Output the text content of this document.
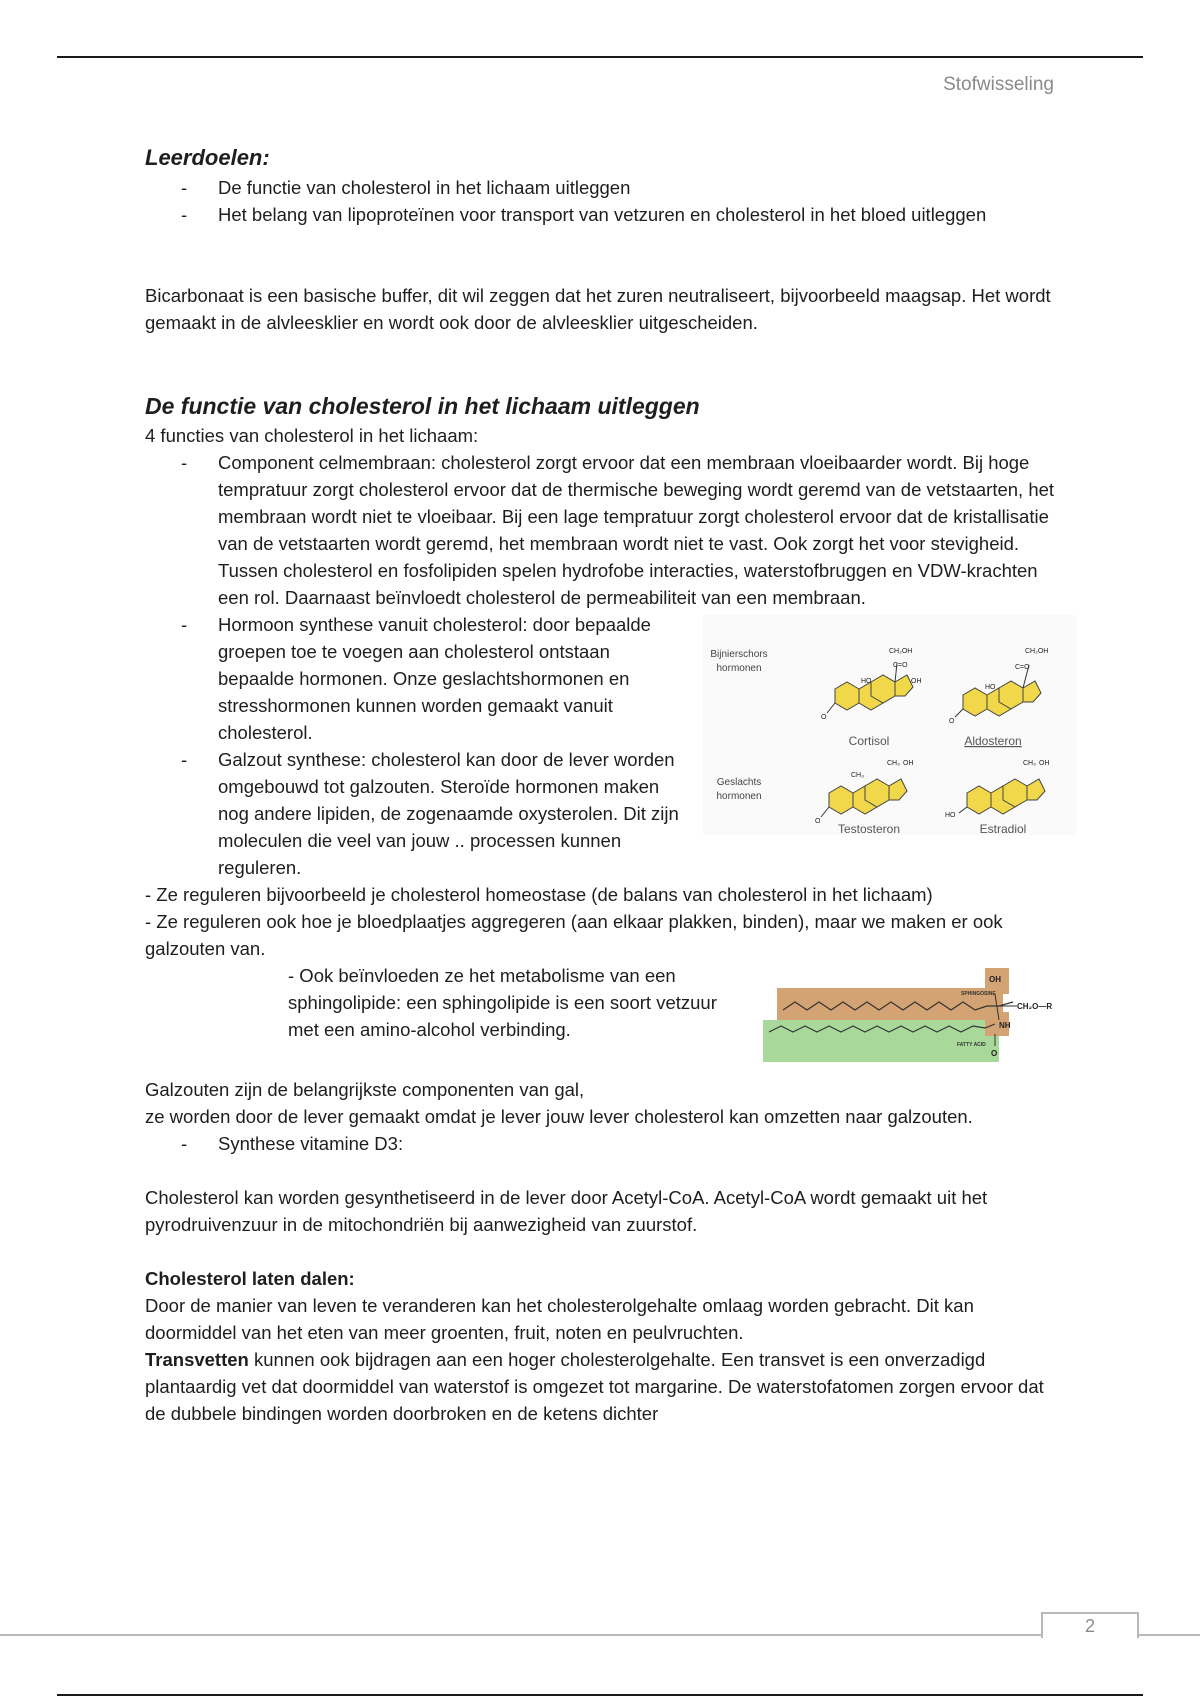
Stofwisseling
Leerdoelen:
- De functie van cholesterol in het lichaam uitleggen
- Het belang van lipoproteïnen voor transport van vetzuren en cholesterol in het bloed uitleggen

Bicarbonaat is een basische buffer, dit wil zeggen dat het zuren neutraliseert, bijvoorbeeld maagsap. Het wordt gemaakt in de alvleesklier en wordt ook door de alvleesklier uitgescheiden.

De functie van cholesterol in het lichaam uitleggen

4 functies van cholesterol in het lichaam:

- Component celmembraan: cholesterol zorgt ervoor dat een membraan vloeibaarder wordt. Bij hoge tempratuur zorgt cholesterol ervoor dat de thermische beweging wordt geremd van de vetstaarten, het membraan wordt niet te vloeibaar. Bij een lage tempratuur zorgt cholesterol ervoor dat de kristallisatie van de vetstaarten wordt geremd, het membraan wordt niet te vast. Ook zorgt het voor stevigheid. Tussen cholesterol en fosfolipiden spelen hydrofobe interacties, waterstofbruggen en VDW-krachten een rol. Daarnaast beïnvloedt cholesterol de permeabiliteit van een membraan.
- Bijnierschors
hormonen
Geslachts
hormonen
O
HO
CH₂OH
C=O
OH
Cortisol
O
HO
CH₂OH
C=O
Aldosteron
O
CH₃
CH₃ OH
Testosteron
HO
CH₃ OH
Estradiol
Hormoon synthese vanuit cholesterol: door bepaalde groepen toe te voegen aan cholesterol ontstaan bepaalde hormonen. Onze geslachtshormonen en stresshormonen kunnen worden gemaakt vanuit cholesterol.
- Galzout synthese: cholesterol kan door de lever worden omgebouwd tot galzouten. Steroïde hormonen maken nog andere lipiden, de zogenaamde oxysterolen. Dit zijn moleculen die veel van jouw .. processen kunnen reguleren.

- Ze reguleren bijvoorbeeld je cholesterol homeostase (de balans van cholesterol in het lichaam)

- Ze reguleren ook hoe je bloedplaatjes aggregeren (aan elkaar plakken, binden), maar we maken er ook galzouten van.

SPHINGOSINE
FATTY ACID
OH
CH₂O—R
NH
O

- Ook beïnvloeden ze het metabolisme van een sphingolipide: een sphingolipide is een soort vetzuur met een amino-alcohol verbinding.

Galzouten zijn de belangrijkste componenten van gal,

ze worden door de lever gemaakt omdat je lever jouw lever cholesterol kan omzetten naar galzouten.

- Synthese vitamine D3:

Cholesterol kan worden gesynthetiseerd in de lever door Acetyl-CoA. Acetyl-CoA wordt gemaakt uit het pyrodruivenzuur in de mitochondriën bij aanwezigheid van zuurstof.

Cholesterol laten dalen:

Door de manier van leven te veranderen kan het cholesterolgehalte omlaag worden gebracht. Dit kan doormiddel van het eten van meer groenten, fruit, noten en peulvruchten.

Transvetten kunnen ook bijdragen aan een hoger cholesterolgehalte. Een transvet is een onverzadigd plantaardig vet dat doormiddel van waterstof is omgezet tot margarine. De waterstofatomen zorgen ervoor dat de dubbele bindingen worden doorbroken en de ketens dichter

2
